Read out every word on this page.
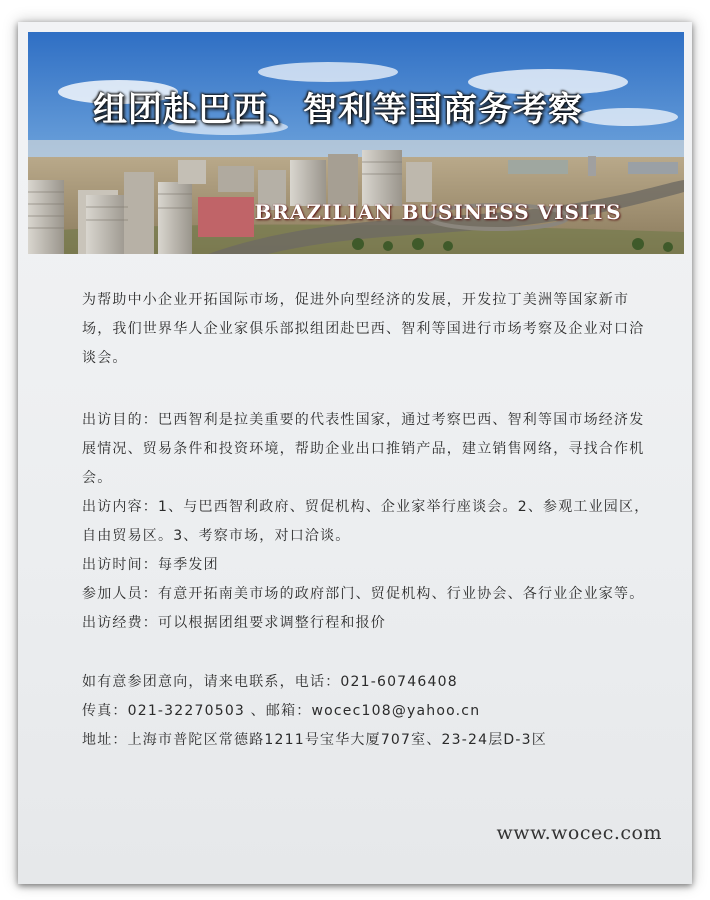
组团赴巴西、智利等国商务考察
BRAZILIAN BUSINESS VISITS

为帮助中小企业开拓国际市场，促进外向型经济的发展，开发拉丁美洲等国家新市场，我们世界华人企业家俱乐部拟组团赴巴西、智利等国进行市场考察及企业对口洽谈会。

出访目的：巴西智利是拉美重要的代表性国家，通过考察巴西、智利等国市场经济发展情况、贸易条件和投资环境，帮助企业出口推销产品，建立销售网络，寻找合作机会。

出访内容：1、与巴西智利政府、贸促机构、企业家举行座谈会。2、参观工业园区，自由贸易区。3、考察市场，对口洽谈。

出访时间：每季发团

参加人员：有意开拓南美市场的政府部门、贸促机构、行业协会、各行业企业家等。

出访经费：可以根据团组要求调整行程和报价

如有意参团意向，请来电联系，电话：021-60746408

传真：021-32270503 、邮箱：wocec108@yahoo.cn

地址：上海市普陀区常德路1211号宝华大厦707室、23-24层D-3区

www.wocec.com
